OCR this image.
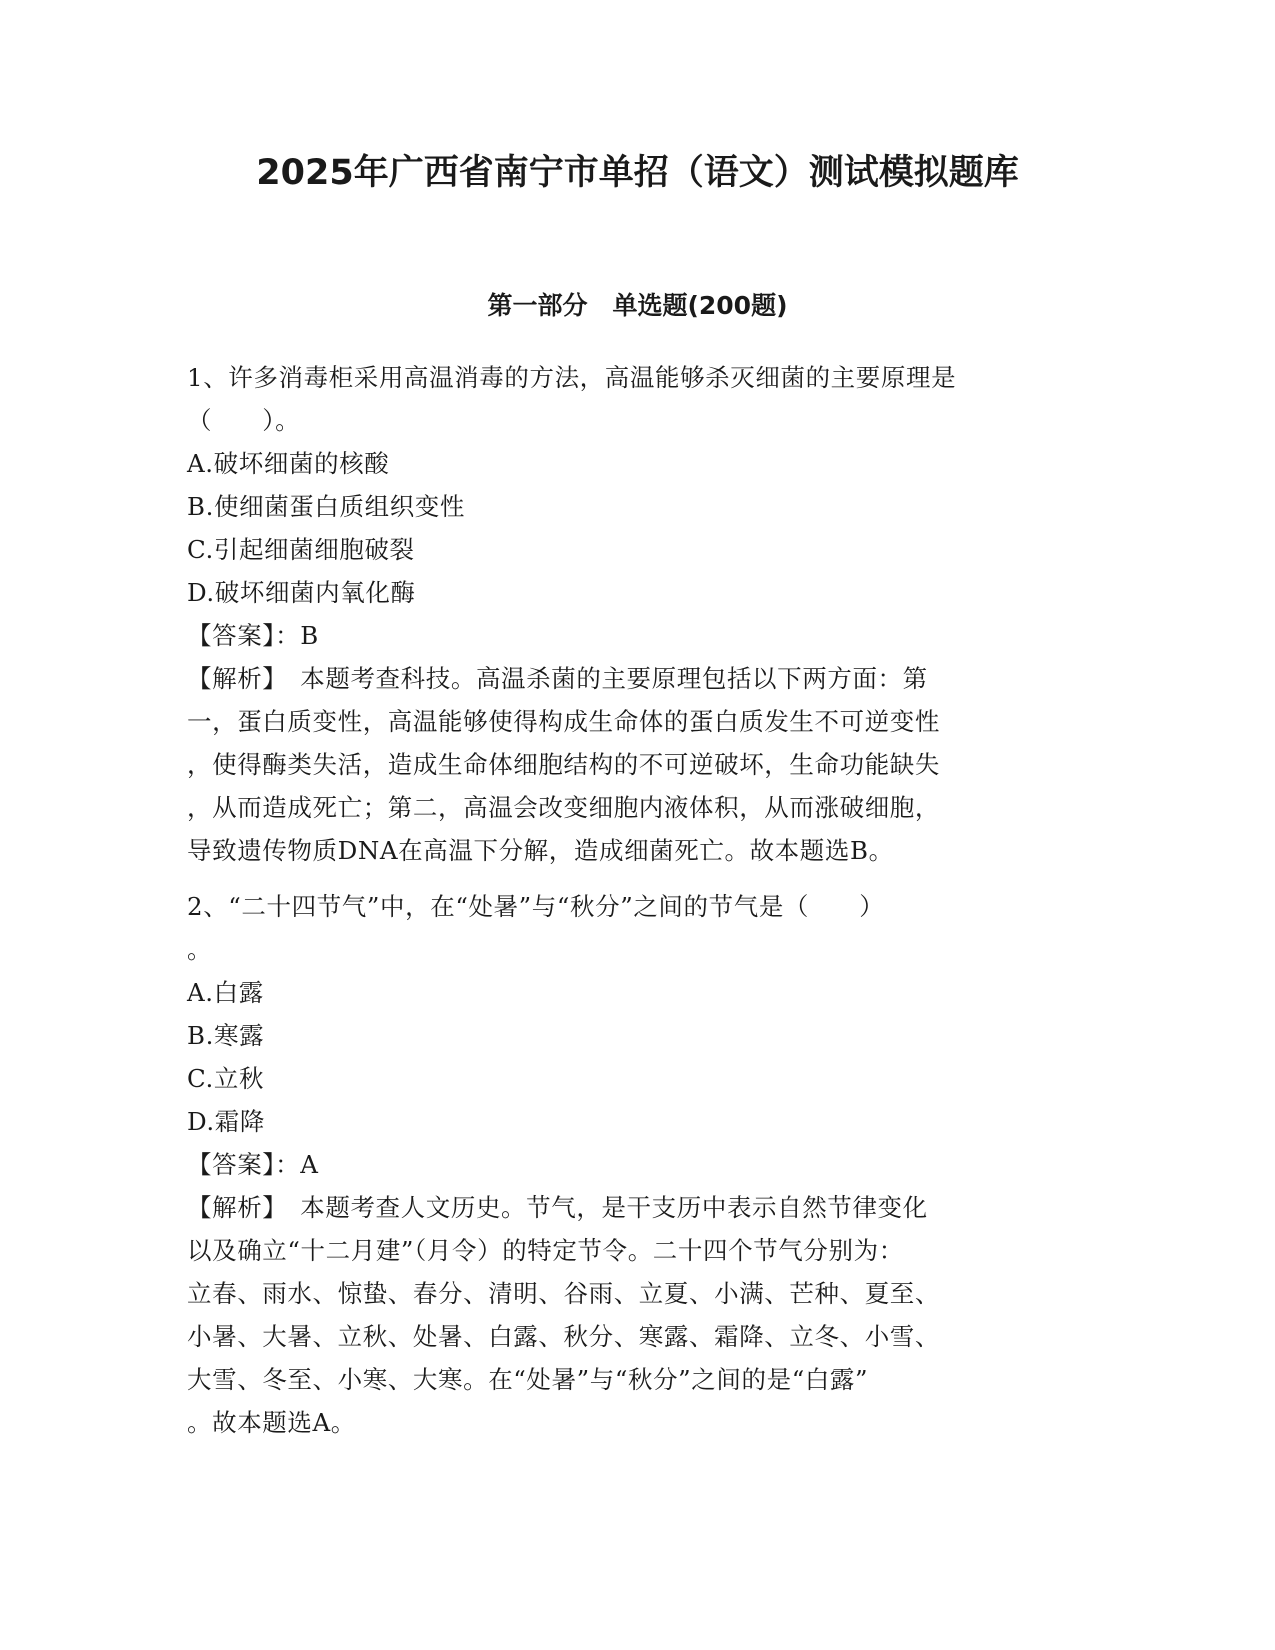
2025年广西省南宁市单招（语文）测试模拟题库
第一部分　单选题(200题)
1、许多消毒柜采用高温消毒的方法，高温能够杀灭细菌的主要原理是
（　　）。
A.破坏细菌的核酸
B.使细菌蛋白质组织变性
C.引起细菌细胞破裂
D.破坏细菌内氧化酶
【答案】：B
【解析】　本题考查科技。高温杀菌的主要原理包括以下两方面：第
一，蛋白质变性，高温能够使得构成生命体的蛋白质发生不可逆变性
，使得酶类失活，造成生命体细胞结构的不可逆破坏，生命功能缺失
，从而造成死亡；第二，高温会改变细胞内液体积，从而涨破细胞，
导致遗传物质DNA在高温下分解，造成细菌死亡。故本题选B。
2、“二十四节气”中，在“处暑”与“秋分”之间的节气是（　　）
。
A.白露
B.寒露
C.立秋
D.霜降
【答案】：A
【解析】　本题考查人文历史。节气，是干支历中表示自然节律变化
以及确立“十二月建”（月令）的特定节令。二十四个节气分别为：
立春、雨水、惊蛰、春分、清明、谷雨、立夏、小满、芒种、夏至、
小暑、大暑、立秋、处暑、白露、秋分、寒露、霜降、立冬、小雪、
大雪、冬至、小寒、大寒。在“处暑”与“秋分”之间的是“白露”
。故本题选A。
